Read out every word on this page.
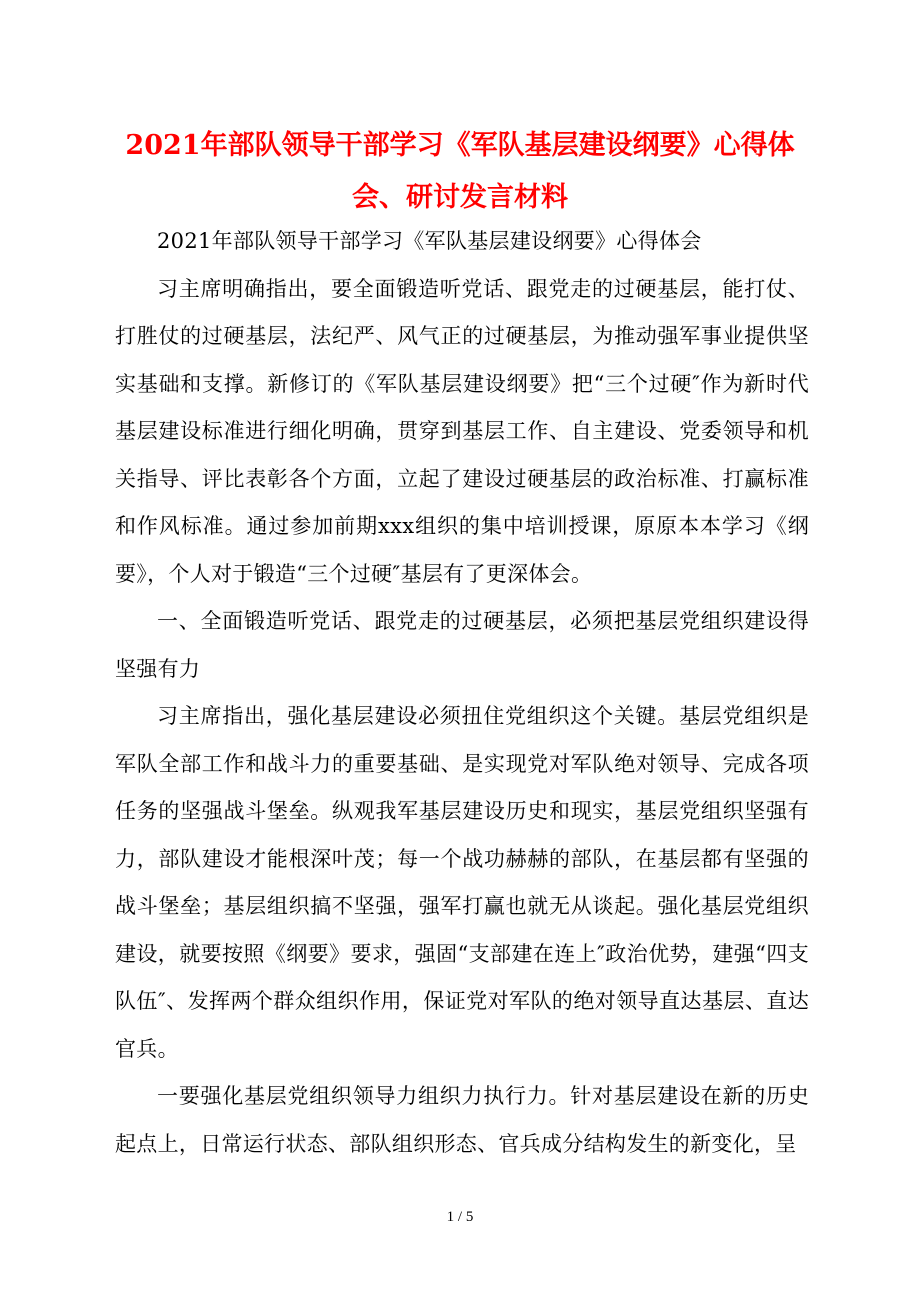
2021年部队领导干部学习《军队基层建设纲要》心得体会、研讨发言材料

2021年部队领导干部学习《军队基层建设纲要》心得体会

习主席明确指出，要全面锻造听党话、跟党走的过硬基层，能打仗、打胜仗的过硬基层，法纪严、风气正的过硬基层，为推动强军事业提供坚实基础和支撑。新修订的《军队基层建设纲要》把“三个过硬″作为新时代基层建设标准进行细化明确，贯穿到基层工作、自主建设、党委领导和机关指导、评比表彰各个方面，立起了建设过硬基层的政治标准、打赢标准和作风标准。通过参加前期xxx组织的集中培训授课，原原本本学习《纲要》，个人对于锻造“三个过硬″基层有了更深体会。

一、全面锻造听党话、跟党走的过硬基层，必须把基层党组织建设得坚强有力

习主席指出，强化基层建设必须扭住党组织这个关键。基层党组织是军队全部工作和战斗力的重要基础、是实现党对军队绝对领导、完成各项任务的坚强战斗堡垒。纵观我军基层建设历史和现实，基层党组织坚强有力，部队建设才能根深叶茂；每一个战功赫赫的部队，在基层都有坚强的战斗堡垒；基层组织搞不坚强，强军打赢也就无从谈起。强化基层党组织建设，就要按照《纲要》要求，强固“支部建在连上″政治优势，建强“四支队伍″、发挥两个群众组织作用，保证党对军队的绝对领导直达基层、直达官兵。

一要强化基层党组织领导力组织力执行力。针对基层建设在新的历史起点上，日常运行状态、部队组织形态、官兵成分结构发生的新变化，呈

1 / 5
